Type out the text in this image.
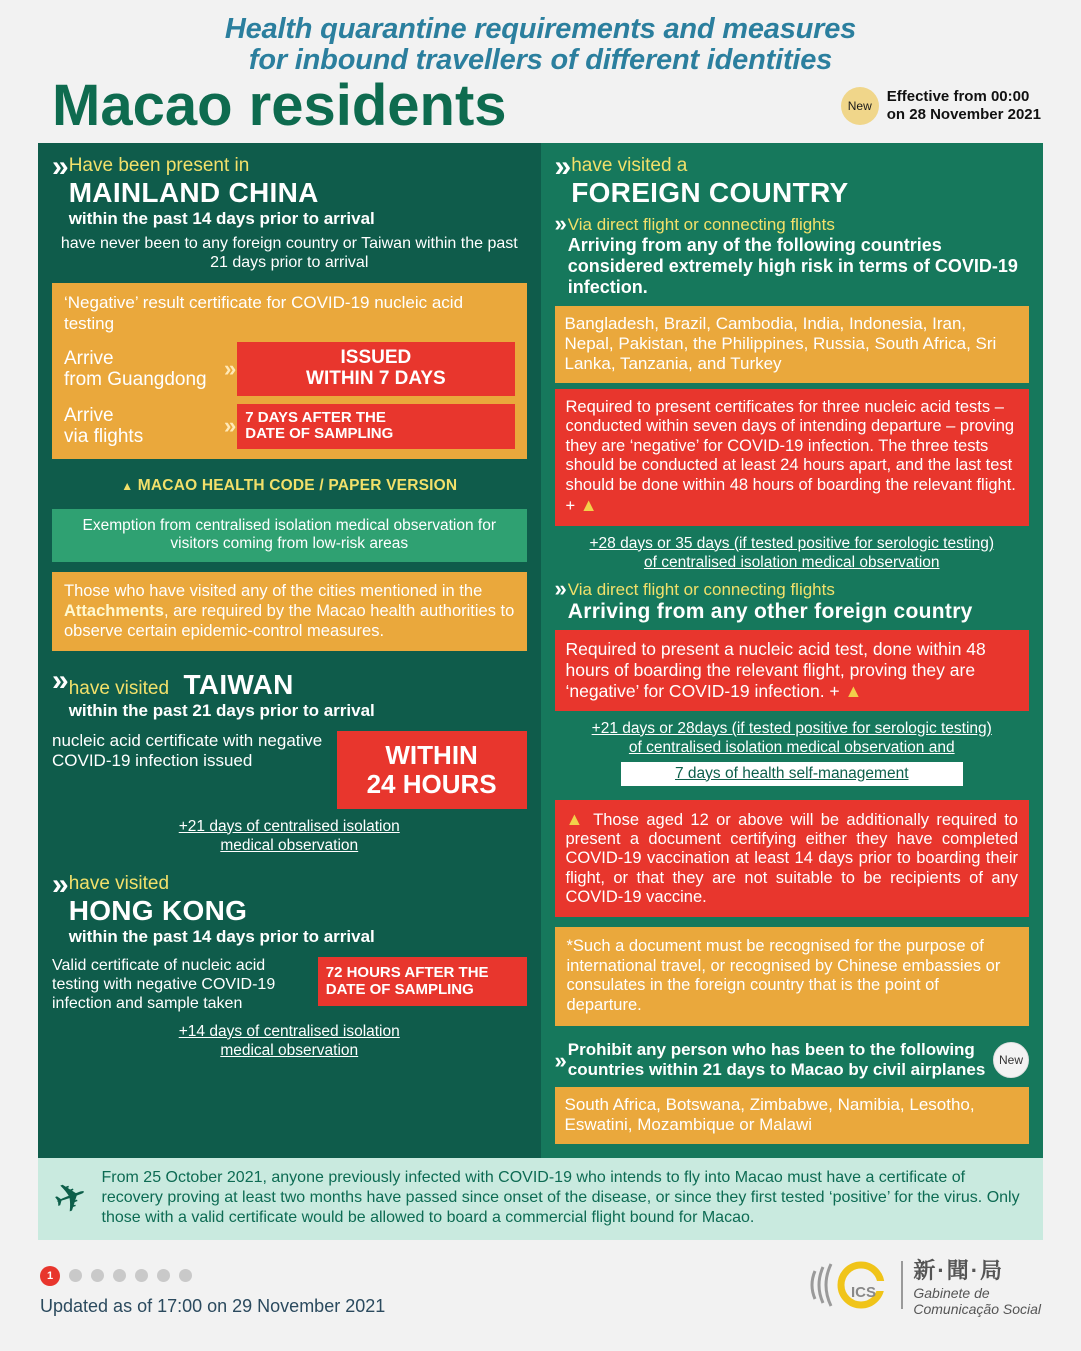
Health quarantine requirements and measures
for inbound travellers of different identities
Macao residents	New
Effective from 00:00
on 28 November 2021
» Have been present in
MAINLAND CHINA
within the past 14 days prior to arrival
have never been to any foreign country or Taiwan within the past 21 days prior to arrival
‘Negative’ result certificate for COVID-19 nucleic acid testing
Arrive
from Guangdong »	ISSUED
WITHIN 7 DAYS
Arrive
via flights	» 7 DAYS AFTER THE
DATE OF SAMPLING
▲ MACAO HEALTH CODE / PAPER VERSION
Exemption from centralised isolation medical observation for visitors coming from low-risk areas
Those who have visited any of the cities mentioned in the Attachments, are required by the Macao health authorities to observe certain epidemic-control measures.
» have visited TAIWAN
within the past 21 days prior to arrival
nucleic acid certificate with negative COVID-19 infection issued	WITHIN
24 HOURS
+21 days of centralised isolation
medical observation
» have visited
HONG KONG
within the past 14 days prior to arrival
Valid certificate of nucleic acid testing with negative COVID-19 infection and sample taken
72 HOURS AFTER THE
DATE OF SAMPLING
+14 days of centralised isolation
medical observation
» have visited a
FOREIGN COUNTRY
» Via direct flight or connecting flights
Arriving from any of the following countries considered extremely high risk in terms of COVID-19 infection.
Bangladesh, Brazil, Cambodia, India, Indonesia, Iran, Nepal, Pakistan, the Philippines, Russia, South Africa, Sri Lanka, Tanzania, and Turkey
Required to present certificates for three nucleic acid tests – conducted within seven days of intending departure – proving they are ‘negative’ for COVID-19 infection. The three tests should be conducted at least 24 hours apart, and the last test should be done within 48 hours of boarding the relevant flight. + ▲
+28 days or 35 days (if tested positive for serologic testing)
of centralised isolation medical observation
» Via direct flight or connecting flights
Arriving from any other foreign country
Required to present a nucleic acid test, done within 48 hours of boarding the relevant flight, proving they are ‘negative’ for COVID-19 infection. + ▲
+21 days or 28days (if tested positive for serologic testing)
of centralised isolation medical observation and
7 days of health self-management
▲ Those aged 12 or above will be additionally required to present a document certifying either they have completed COVID-19 vaccination at least 14 days prior to boarding their flight, or that they are not suitable to be recipients of any COVID-19 vaccine.
*Such a document must be recognised for the purpose of international travel, or recognised by Chinese embassies or consulates in the foreign country that is the point of departure.
» Prohibit any person who has been to the following countries within 21 days to Macao by civil airplanes	New
South Africa, Botswana, Zimbabwe, Namibia, Lesotho, Eswatini, Mozambique or Malawi
✈ From 25 October 2021, anyone previously infected with COVID-19 who intends to fly into Macao must have a certificate of recovery proving at least two months have passed since onset of the disease, or since they first tested ‘positive’ for the virus. Only those with a valid certificate would be allowed to board a commercial flight bound for Macao.
1
Updated as of 17:00 on 29 November 2021
ICS
新·聞·局
Gabinete de
Comunicação Social
